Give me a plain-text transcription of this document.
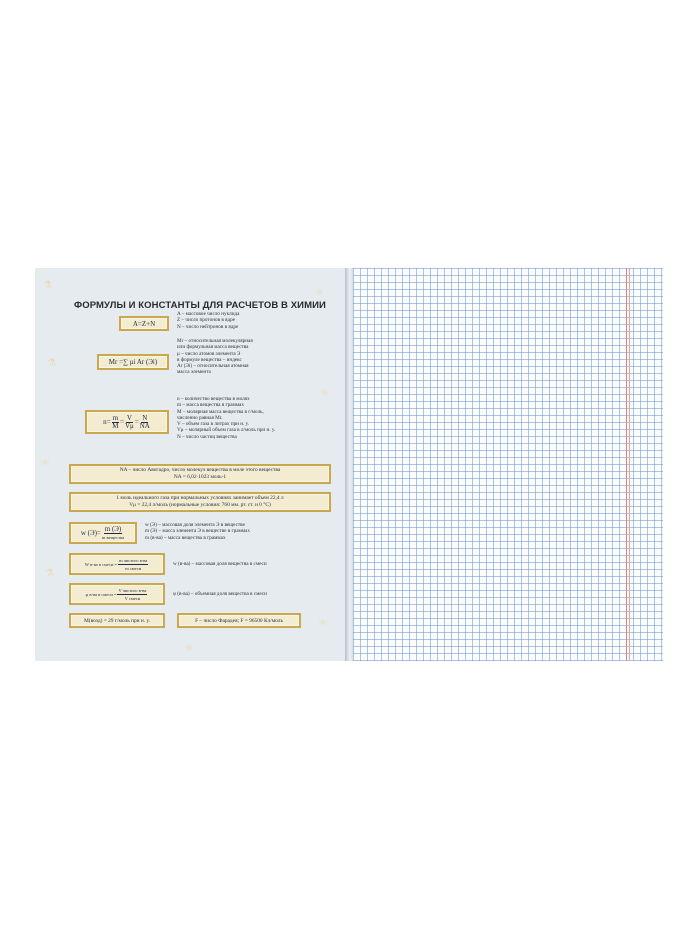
⚗
⚛
⚗
⚛
⚛
⚗
⚛
⚛
ФОРМУЛЫ И КОНСТАНТЫ ДЛЯ РАСЧЕТОВ В ХИМИИ
A=Z+N
A – массовое число нуклида
Z – число протонов в ядре
N – число нейтронов в ядре
Mr = ∑ μi Ar (Эi)
Mr – относительная молекулярная
или формульная масса вещества
μ – число атомов элемента Э
в формуле вещества – индекс
Ar (Эi) – относительная атомная
масса элемента
$n= \frac{m}{M} = \frac{V}{V\mu} = \frac{N}{NA}$
n – количество вещества в молях
m – масса вещества в граммах
M – молярная масса вещества в г/моль,
численно равная Mr.
V – объем газа в литрах при н. у.
Vμ – молярный объем газа в л/моль при н. у.
N – число частиц вещества
NA – число Авогадро, число молекул вещества в моле этого вещества
NA = 6,02·1023 моль-1
1 моль идеального газа при нормальных условиях занимает объем 22,4 л
Vμ = 22,4 л/моль (нормальные условия: 760 мм. рт. ст. и 0 °С)
w $(Э)= \frac{m (Э)}{\text{m вещества}}$
w (Э) – массовая доля элемента Э в веществе
m (Э) – масса элемента Э в веществе в граммах
m (в-ва) – масса вещества в граммах
W в-ва в смеси = $\frac{\text{m чистого в-ва}}{\text{m смеси}}$	w (в-ва) – массовая доля вещества в смеси
φ в-ва в смеси = $\frac{\text{V чистого в-ва}}{\text{V смеси}}$	φ (в-ва) – объемная доля вещества в смеси
M(возд) = 29 г/моль при н. у.	F – число Фарадея; F = 96500 Кл/моль
